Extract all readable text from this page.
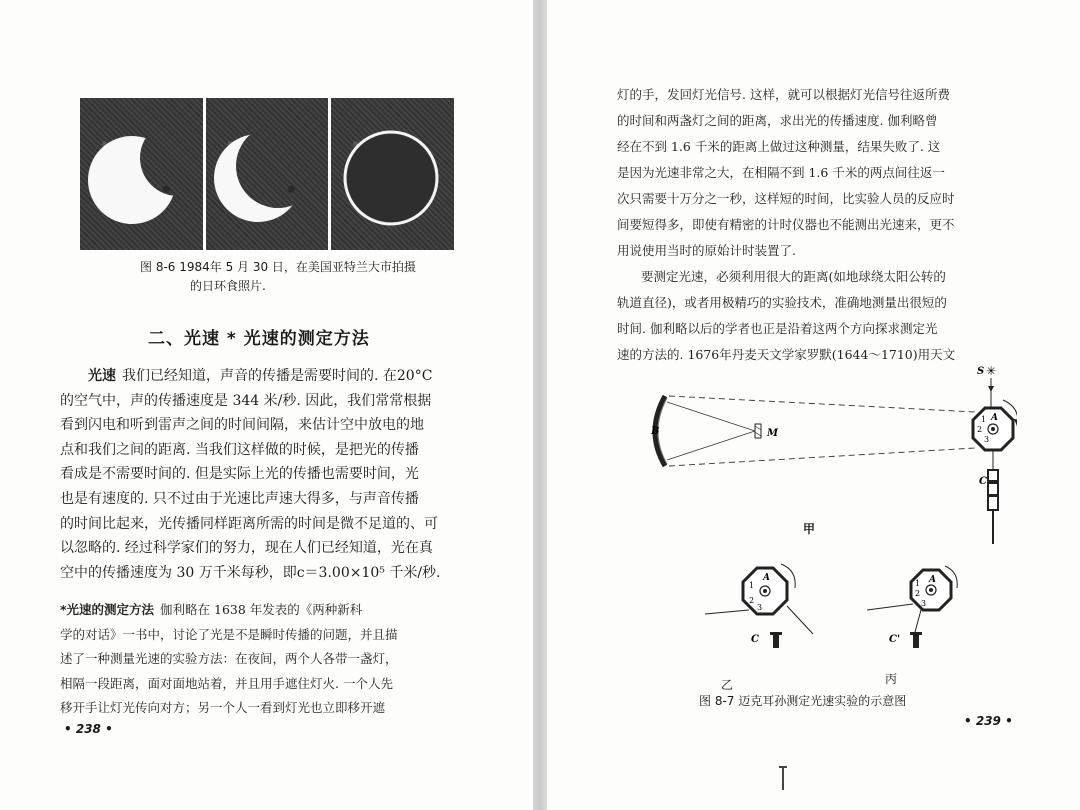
图 8-6 1984年 5 月 30 日，在美国亚特兰大市拍摄
的日环食照片.
二、光速 * 光速的测定方法

光速 我们已经知道，声音的传播是需要时间的. 在20°C

的空气中，声的传播速度是 344 米/秒. 因此，我们常常根据

看到闪电和听到雷声之间的时间间隔，来估计空中放电的地

点和我们之间的距离. 当我们这样做的时候，是把光的传播

看成是不需要时间的. 但是实际上光的传播也需要时间，光

也是有速度的. 只不过由于光速比声速大得多，与声音传播

的时间比起来，光传播同样距离所需的时间是微不足道的、可

以忽略的. 经过科学家们的努力，现在人们已经知道，光在真

空中的传播速度为 30 万千米每秒，即c＝3.00×10⁵ 千米/秒.

*光速的测定方法 伽利略在 1638 年发表的《两种新科

学的对话》一书中，讨论了光是不是瞬时传播的问题，并且描

述了一种测量光速的实验方法：在夜间，两个人各带一盏灯，

相隔一段距离，面对面地站着，并且用手遮住灯火. 一个人先

移开手让灯光传向对方；另一个人一看到灯光也立即移开遮

• 238 •

灯的手，发回灯光信号. 这样，就可以根据灯光信号往返所费

的时间和两盏灯之间的距离，求出光的传播速度. 伽利略曾

经在不到 1.6 千米的距离上做过这种测量，结果失败了. 这

是因为光速非常之大，在相隔不到 1.6 千米的两点间往返一

次只需要十万分之一秒，这样短的时间，比实验人员的反应时

间要短得多，即使有精密的计时仪器也不能测出光速来，更不

用说使用当时的原始计时装置了.

要测定光速，必须利用很大的距离(如地球绕太阳公转的

轨道直径)，或者用极精巧的实验技术，准确地测量出很短的

时间. 伽利略以后的学者也正是沿着这两个方向探求测定光

速的方法的. 1676年丹麦天文学家罗默(1644～1710)用天文

B	M
A
1
2
3
S ✳
C
甲
A
1
2
3
C
A
1
2
3
C'
乙	丙
图 8-7 迈克耳孙测定光速实验的示意图
• 239 •
